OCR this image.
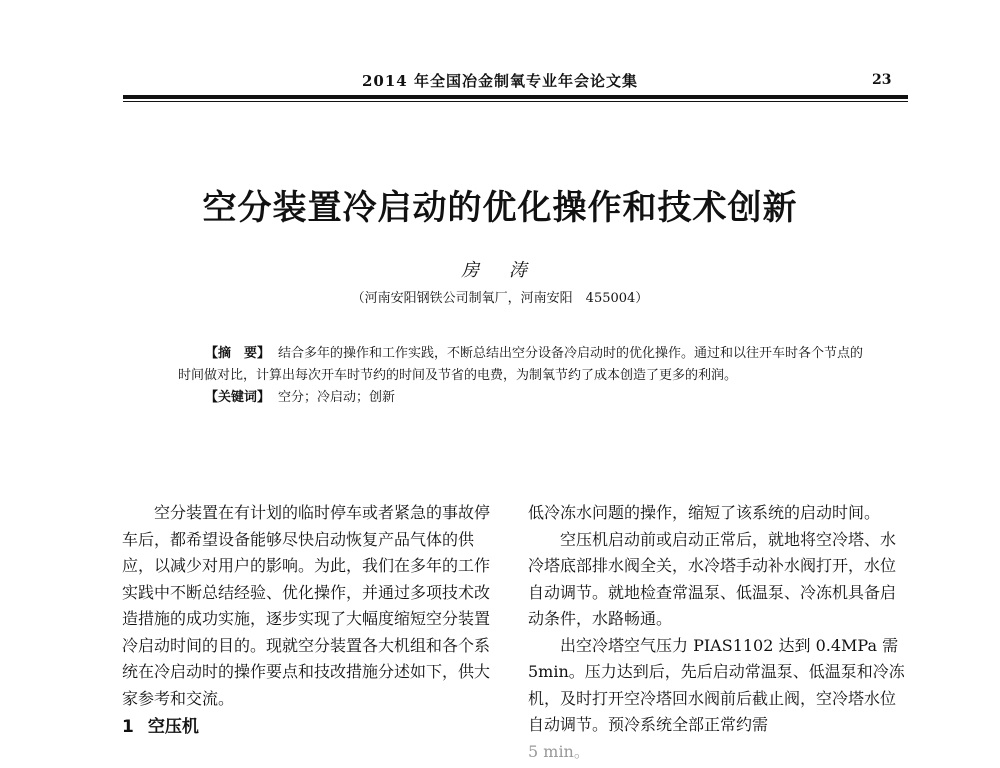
2014 年全国冶金制氧专业年会论文集	23
空分装置冷启动的优化操作和技术创新
房 涛
（河南安阳钢铁公司制氧厂，河南安阳　455004）

【摘　要】 结合多年的操作和工作实践，不断总结出空分设备冷启动时的优化操作。通过和以往开车时各个节点的时间做对比，计算出每次开车时节约的时间及节省的电费，为制氧节约了成本创造了更多的利润。

【关键词】 空分；冷启动；创新

空分装置在有计划的临时停车或者紧急的事故停车后，都希望设备能够尽快启动恢复产品气体的供应，以减少对用户的影响。为此，我们在多年的工作实践中不断总结经验、优化操作，并通过多项技术改造措施的成功实施，逐步实现了大幅度缩短空分装置冷启动时间的目的。现就空分装置各大机组和各个系统在冷启动时的操作要点和技改措施分述如下，供大家参考和交流。

1 空压机

低冷冻水问题的操作，缩短了该系统的启动时间。

空压机启动前或启动正常后，就地将空冷塔、水冷塔底部排水阀全关，水冷塔手动补水阀打开，水位自动调节。就地检查常温泵、低温泵、冷冻机具备启动条件，水路畅通。

出空冷塔空气压力 PIAS1102 达到 0.4MPa 需 5min。压力达到后，先后启动常温泵、低温泵和冷冻机，及时打开空冷塔回水阀前后截止阀，空冷塔水位自动调节。预冷系统全部正常约需

5 min。
